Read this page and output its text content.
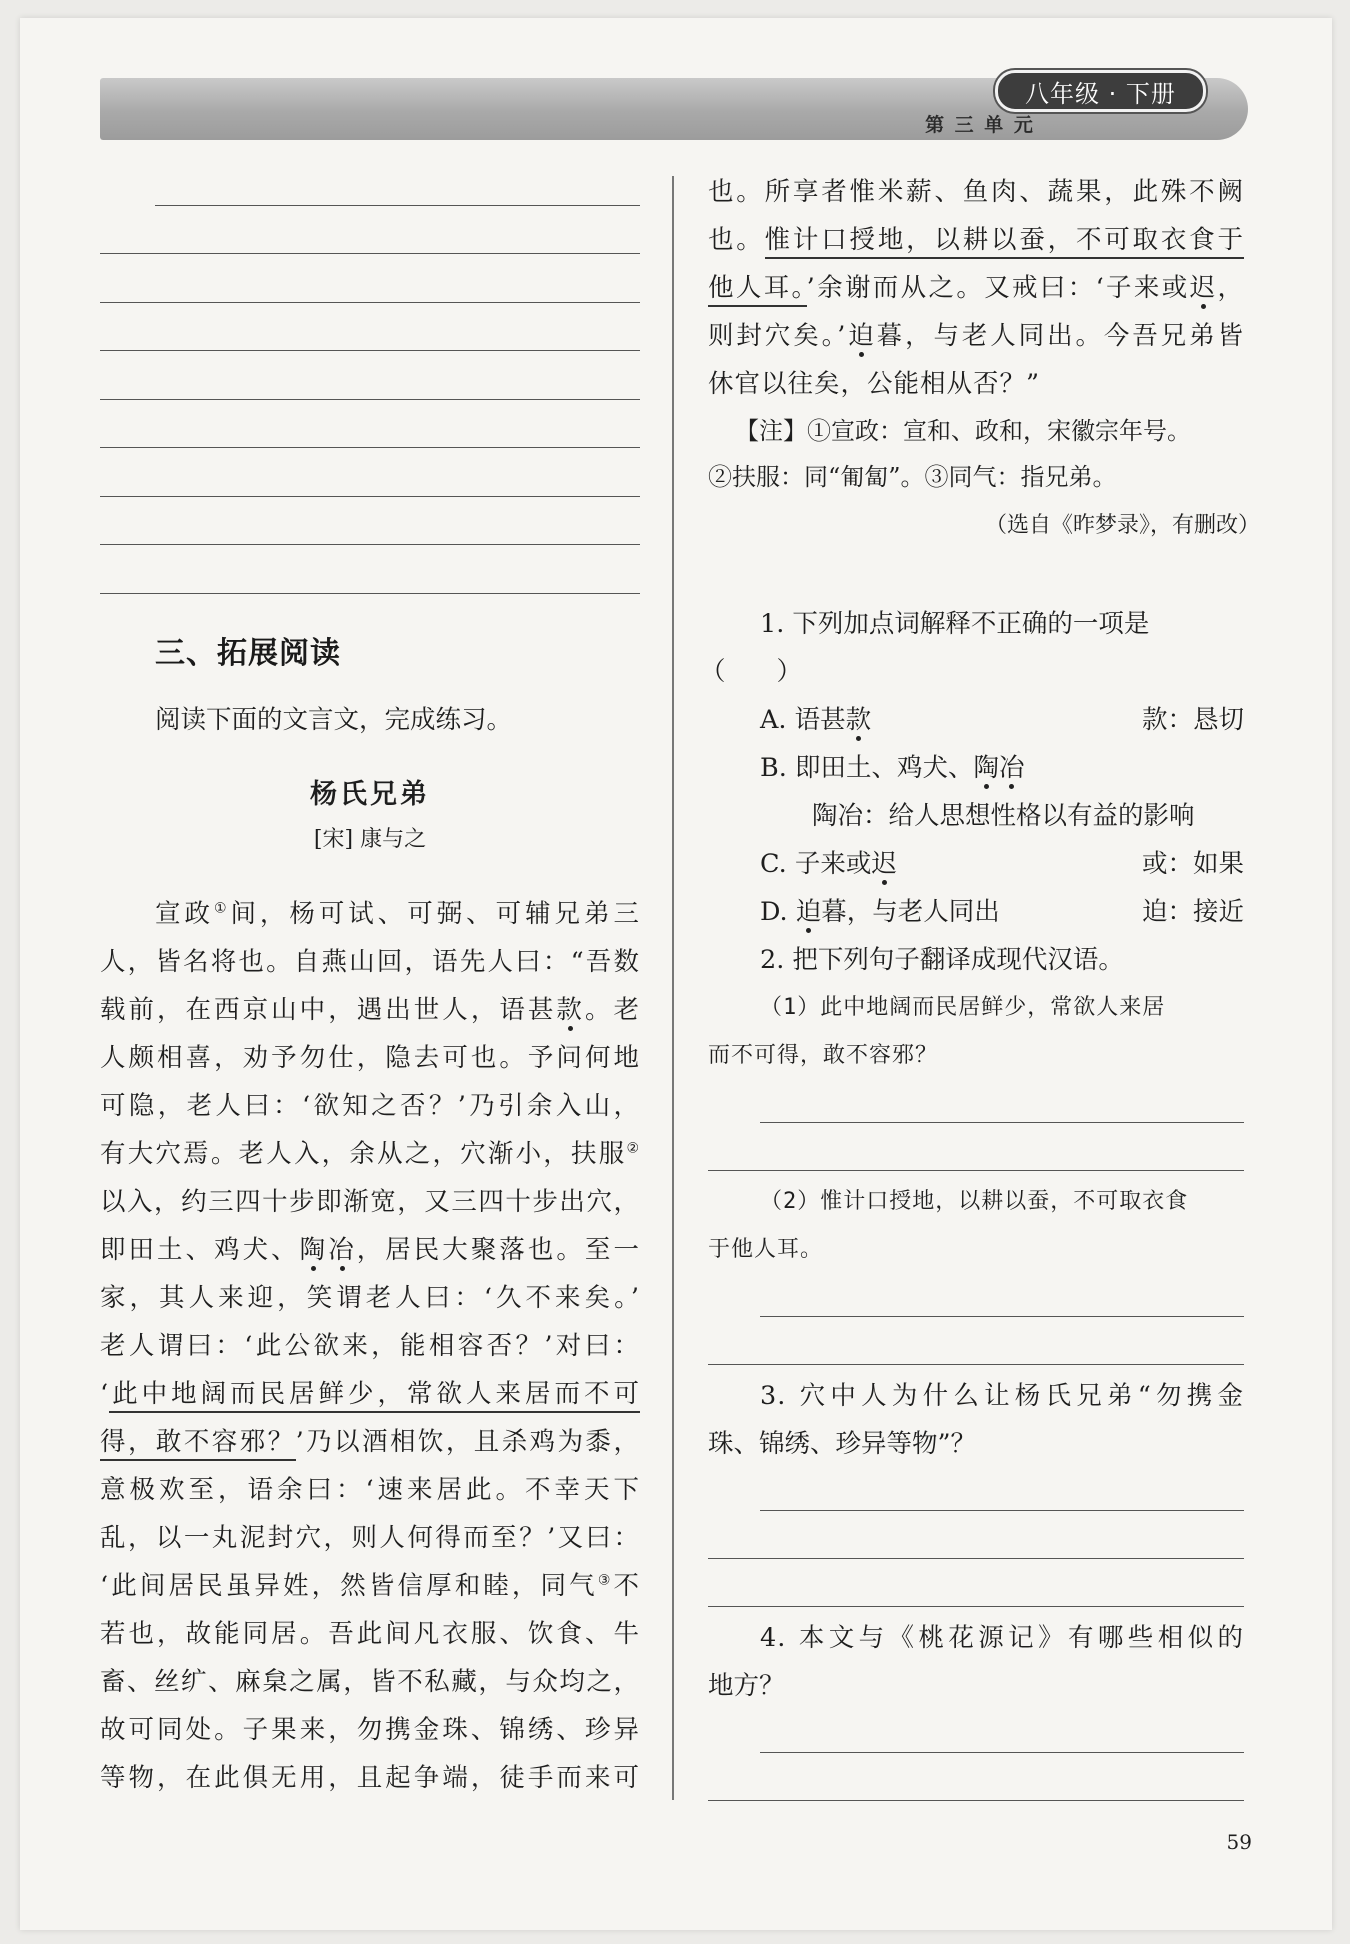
八年级 · 下册
第 三 单 元
三、拓展阅读
阅读下面的文言文，完成练习。
杨氏兄弟
[宋] 康与之
宣政①间，杨可试、可弼、可辅兄弟三
人，皆名将也。自燕山回，语先人曰：“吾数
载前，在西京山中，遇出世人，语甚款。老
人颇相喜，劝予勿仕，隐去可也。予问何地
可隐，老人曰：‘欲知之否？’乃引余入山，
有大穴焉。老人入，余从之，穴渐小，扶服②
以入，约三四十步即渐宽，又三四十步出穴，
即田土、鸡犬、陶冶，居民大聚落也。至一
家，其人来迎，笑谓老人曰：‘久不来矣。’
老人谓曰：‘此公欲来，能相容否？’对曰：
‘此中地阔而民居鲜少，常欲人来居而不可
得，敢不容邪？’乃以酒相饮，且杀鸡为黍，
意极欢至，语余曰：‘速来居此。不幸天下
乱，以一丸泥封穴，则人何得而至？’又曰：
‘此间居民虽异姓，然皆信厚和睦，同气③不
若也，故能同居。吾此间凡衣服、饮食、牛
畜、丝纩、麻枲之属，皆不私藏，与众均之，
故可同处。子果来，勿携金珠、锦绣、珍异
等物，在此俱无用，且起争端，徒手而来可
也。所享者惟米薪、鱼肉、蔬果，此殊不阙
也。惟计口授地，以耕以蚕，不可取衣食于
他人耳。’余谢而从之。又戒曰：‘子来或迟，
则封穴矣。’迫暮，与老人同出。今吾兄弟皆
休官以往矣，公能相从否？”
【注】①宣政：宣和、政和，宋徽宗年号。
②扶服：同“匍匐”。③同气：指兄弟。
（选自《昨梦录》，有删改）
1. 下列加点词解释不正确的一项是
（　　）
A. 语甚款	款：恳切
B. 即田土、鸡犬、陶冶
陶冶：给人思想性格以有益的影响
C. 子来或迟	或：如果
D. 迫暮，与老人同出	迫：接近
2. 把下列句子翻译成现代汉语。
（1）此中地阔而民居鲜少，常欲人来居
而不可得，敢不容邪？
（2）惟计口授地，以耕以蚕，不可取衣食
于他人耳。
3. 穴中人为什么让杨氏兄弟“勿携金
珠、锦绣、珍异等物”？
4. 本文与《桃花源记》有哪些相似的
地方？
59
